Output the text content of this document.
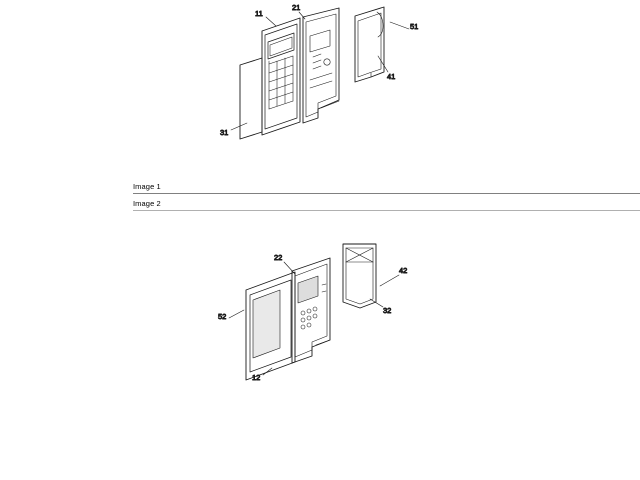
11
21
51
41
31
22
42
32
52
12
Image 1
Image 2
